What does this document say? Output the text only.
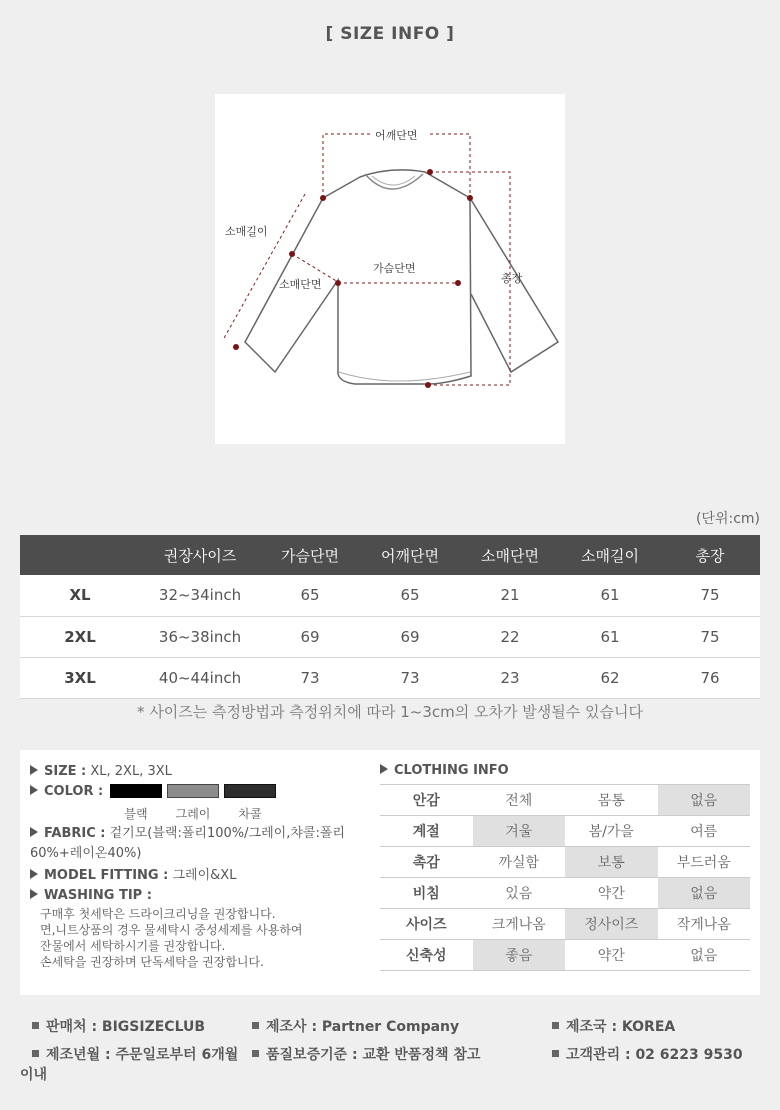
[ SIZE INFO ]
어깨단면
소매길이
가슴단면
소매단면	총장
(단위:cm)
	권장사이즈	가슴단면	어깨단면	소매단면	소매길이	총장
XL	32~34inch	65	65	21	61	75
2XL	36~38inch	69	69	22	61	75
3XL	40~44inch	73	73	23	62	76
* 사이즈는 측정방법과 측정위치에 따라 1~3cm의 오차가 발생될수 있습니다
SIZE : XL, 2XL, 3XL
COLOR :
블랙	그레이	차콜
FABRIC : 겉기모(블랙:폴리100%/그레이,챠콜:폴리
60%+레이온40%)
MODEL FITTING : 그레이&XL
WASHING TIP :
구매후 첫세탁은 드라이크리닝을 권장합니다.
면,니트상품의 경우 물세탁시 중성세제를 사용하여
잔물에서 세탁하시기를 권장합니다.
손세탁을 권장하며 단독세탁을 권장합니다.
CLOTHING INFO
안감	전체	몸통	없음
계절	겨울	봄/가을	여름
촉감	까실함	보통	부드러움
비침	있음	약간	없음
사이즈	크게나옴	정사이즈	작게나옴
신축성	좋음	약간	없음
판매처 : BIGSIZECLUB	제조사 : Partner Company	제조국 : KOREA
제조년월 : 주문일로부터 6개월	품질보증기준 : 교환 반품정책 참고	고객관리 : 02 6223 9530
이내
